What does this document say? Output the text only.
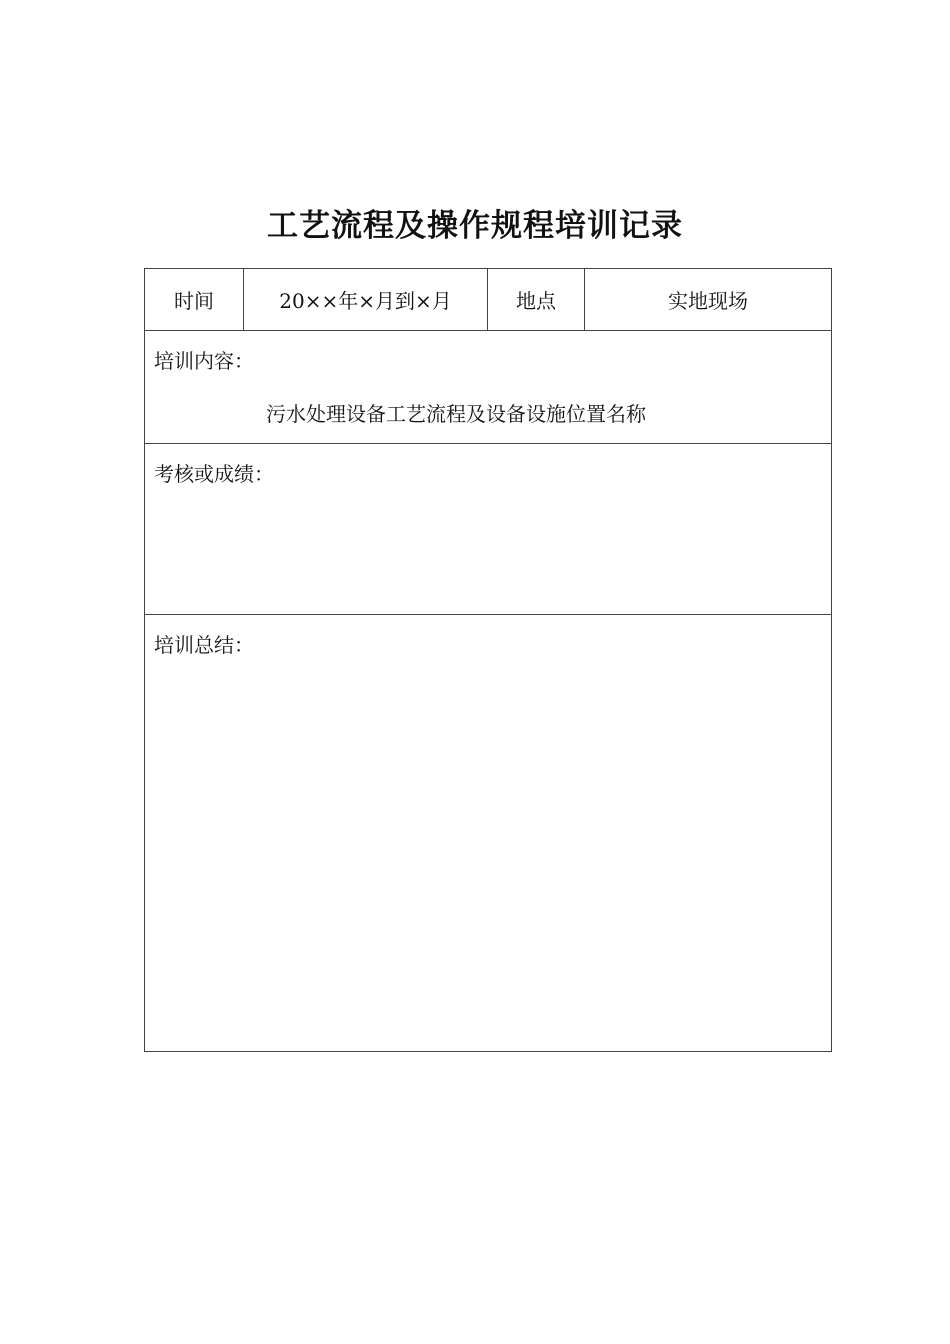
工艺流程及操作规程培训记录
时间	20××年×月到×月	地点	实地现场

培训内容：
污水处理设备工艺流程及设备设施位置名称

考核或成绩：

培训总结：
